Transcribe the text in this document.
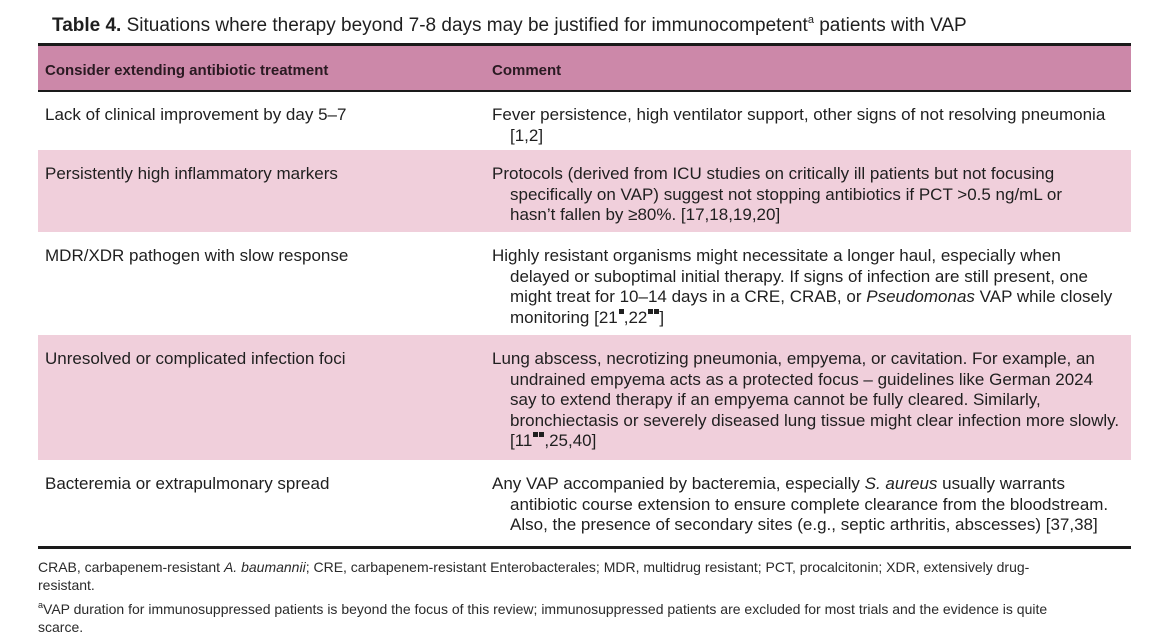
Table 4. Situations where therapy beyond 7-8 days may be justified for immunocompetent$^a$ patients with VAP
Consider extending antibiotic treatment	Comment
Lack of clinical improvement by day 5–7	Fever persistence, high ventilator support, other signs of not resolving pneumonia
[1,2]
Persistently high inflammatory markers	Protocols (derived from ICU studies on critically ill patients but not focusing
specifically on VAP) suggest not stopping antibiotics if PCT >0.5 ng/mL or
hasn’t fallen by ≥80%. [17,18,19,20]
MDR/XDR pathogen with slow response	Highly resistant organisms might necessitate a longer haul, especially when
delayed or suboptimal initial therapy. If signs of infection are still present, one
might treat for 10–14 days in a CRE, CRAB, or Pseudomonas VAP while closely
monitoring [21 ,22 ]
Unresolved or complicated infection foci	Lung abscess, necrotizing pneumonia, empyema, or cavitation. For example, an
undrained empyema acts as a protected focus – guidelines like German 2024
say to extend therapy if an empyema cannot be fully cleared. Similarly,
bronchiectasis or severely diseased lung tissue might clear infection more slowly.
[11 ,25,40]
Bacteremia or extrapulmonary spread	Any VAP accompanied by bacteremia, especially S. aureus usually warrants
antibiotic course extension to ensure complete clearance from the bloodstream.
Also, the presence of secondary sites (e.g., septic arthritis, abscesses) [37,38]
CRAB, carbapenem-resistant A. baumannii; CRE, carbapenem-resistant Enterobacterales; MDR, multidrug resistant; PCT, procalcitonin; XDR, extensively drug-
resistant.
$^a$VAP duration for immunosuppressed patients is beyond the focus of this review; immunosuppressed patients are excluded for most trials and the evidence is quite
scarce.
